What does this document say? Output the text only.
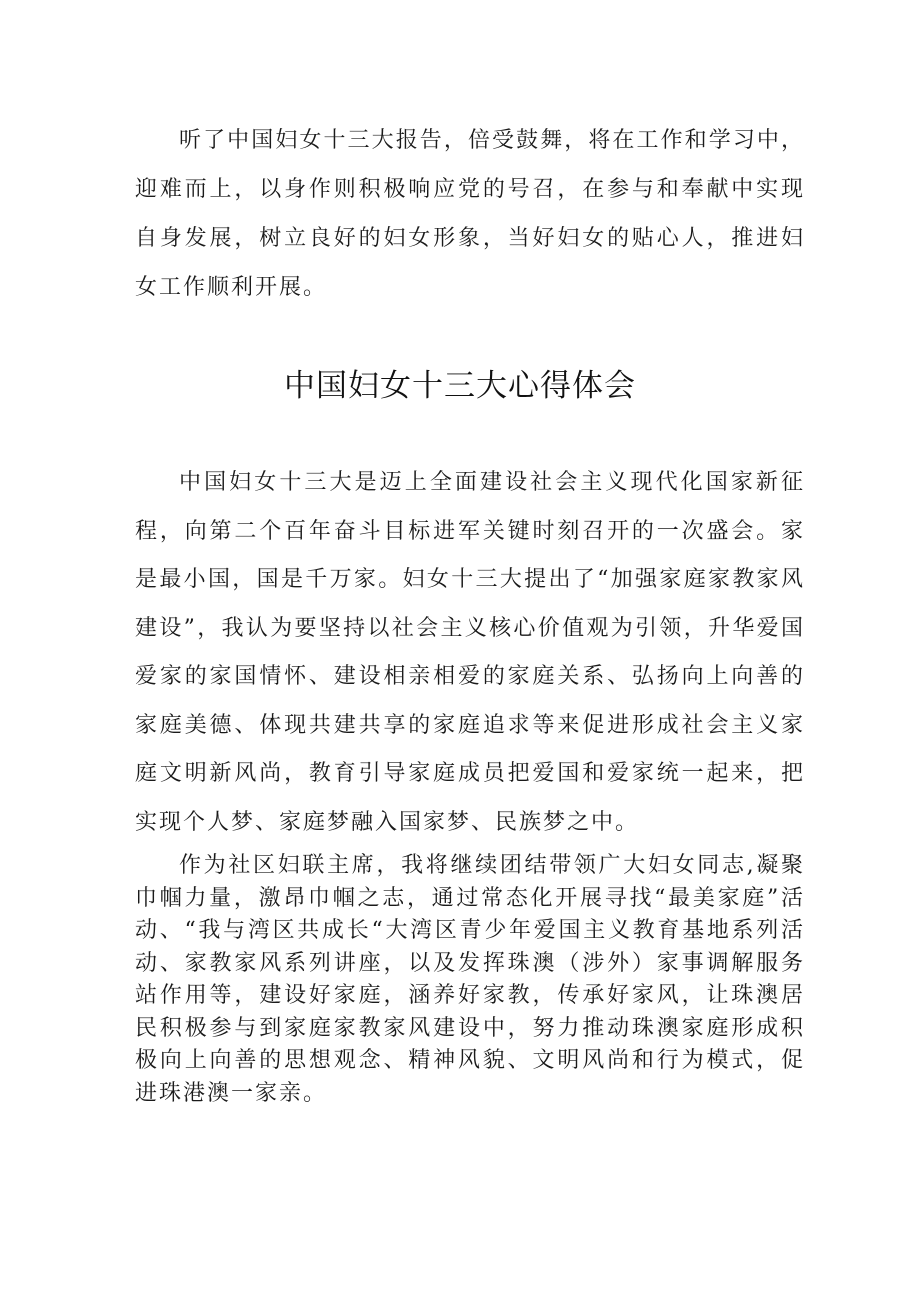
听了中国妇女十三大报告，倍受鼓舞，将在工作和学习中，迎难而上，以身作则积极响应党的号召，在参与和奉献中实现自身发展，树立良好的妇女形象，当好妇女的贴心人，推进妇女工作顺利开展。

中国妇女十三大心得体会

中国妇女十三大是迈上全面建设社会主义现代化国家新征程，向第二个百年奋斗目标进军关键时刻召开的一次盛会。家是最小国，国是千万家。妇女十三大提出了“加强家庭家教家风建设”，我认为要坚持以社会主义核心价值观为引领，升华爱国爱家的家国情怀、建设相亲相爱的家庭关系、弘扬向上向善的家庭美德、体现共建共享的家庭追求等来促进形成社会主义家庭文明新风尚，教育引导家庭成员把爱国和爱家统一起来，把实现个人梦、家庭梦融入国家梦、民族梦之中。

作为社区妇联主席，我将继续团结带领广大妇女同志,凝聚巾帼力量，激昂巾帼之志，通过常态化开展寻找“最美家庭”活动、“我与湾区共成长“大湾区青少年爱国主义教育基地系列活动、家教家风系列讲座，以及发挥珠澳（涉外）家事调解服务站作用等，建设好家庭，涵养好家教，传承好家风，让珠澳居民积极参与到家庭家教家风建设中，努力推动珠澳家庭形成积极向上向善的思想观念、精神风貌、文明风尚和行为模式，促进珠港澳一家亲。
